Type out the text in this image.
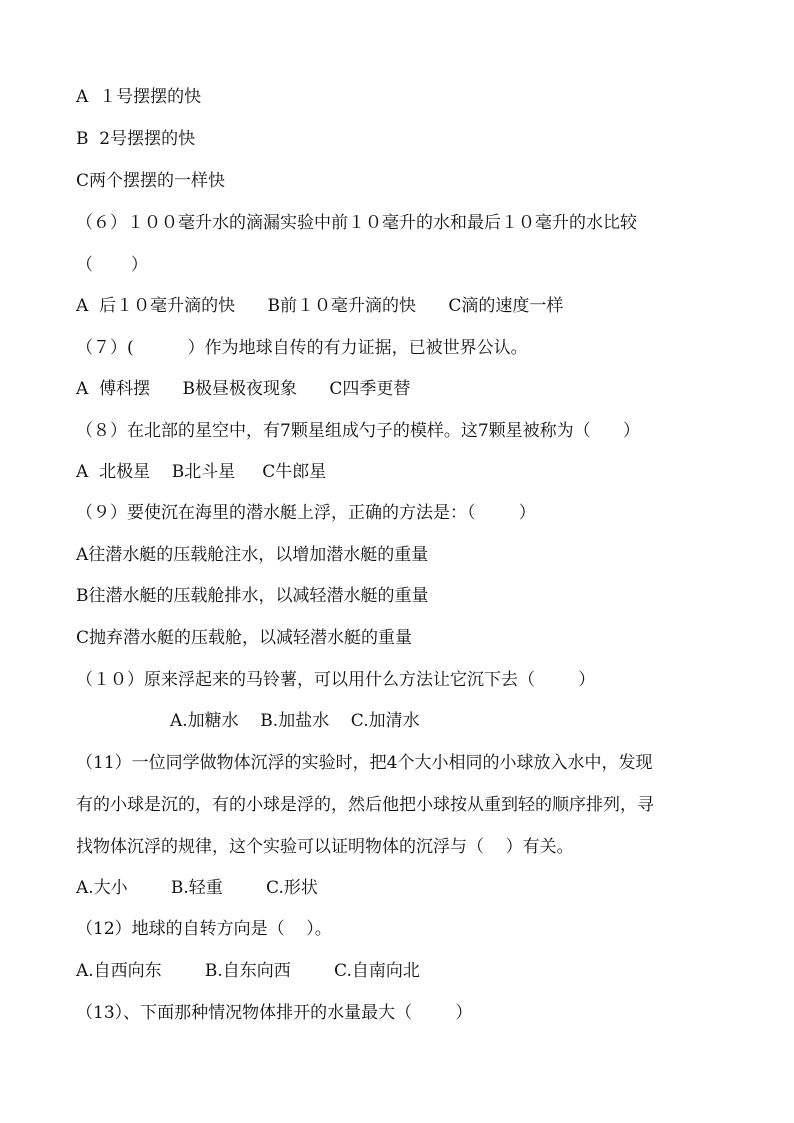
A  １号摆摆的快

B  2号摆摆的快

C两个摆摆的一样快

（６）１００毫升水的滴漏实验中前１０毫升的水和最后１０毫升的水比较

（       ）

A  后１０毫升滴的快      B前１０毫升滴的快      C滴的速度一样

（７）(          ）作为地球自传的有力证据，已被世界公认。

A  傅科摆      B极昼极夜现象      C四季更替

（８）在北部的星空中，有7颗星组成勺子的模样。这7颗星被称为（      ）

A  北极星    B北斗星     C牛郎星

（９）要使沉在海里的潜水艇上浮，正确的方法是：（        ）

A往潜水艇的压载舱注水，以增加潜水艇的重量

B往潜水艇的压载舱排水，以减轻潜水艇的重量

C抛弃潜水艇的压载舱，以减轻潜水艇的重量

（１０）原来浮起来的马铃薯，可以用什么方法让它沉下去（        ）

A.加糖水    B.加盐水    C.加清水

（11）一位同学做物体沉浮的实验时，把4个大小相同的小球放入水中，发现

有的小球是沉的，有的小球是浮的，然后他把小球按从重到轻的顺序排列，寻

找物体沉浮的规律，这个实验可以证明物体的沉浮与（    ）有关。

A.大小        B.轻重        C.形状

（12）地球的自转方向是（    ）。

A.自西向东        B.自东向西        C.自南向北

（13）、下面那种情况物体排开的水量最大（        ）
